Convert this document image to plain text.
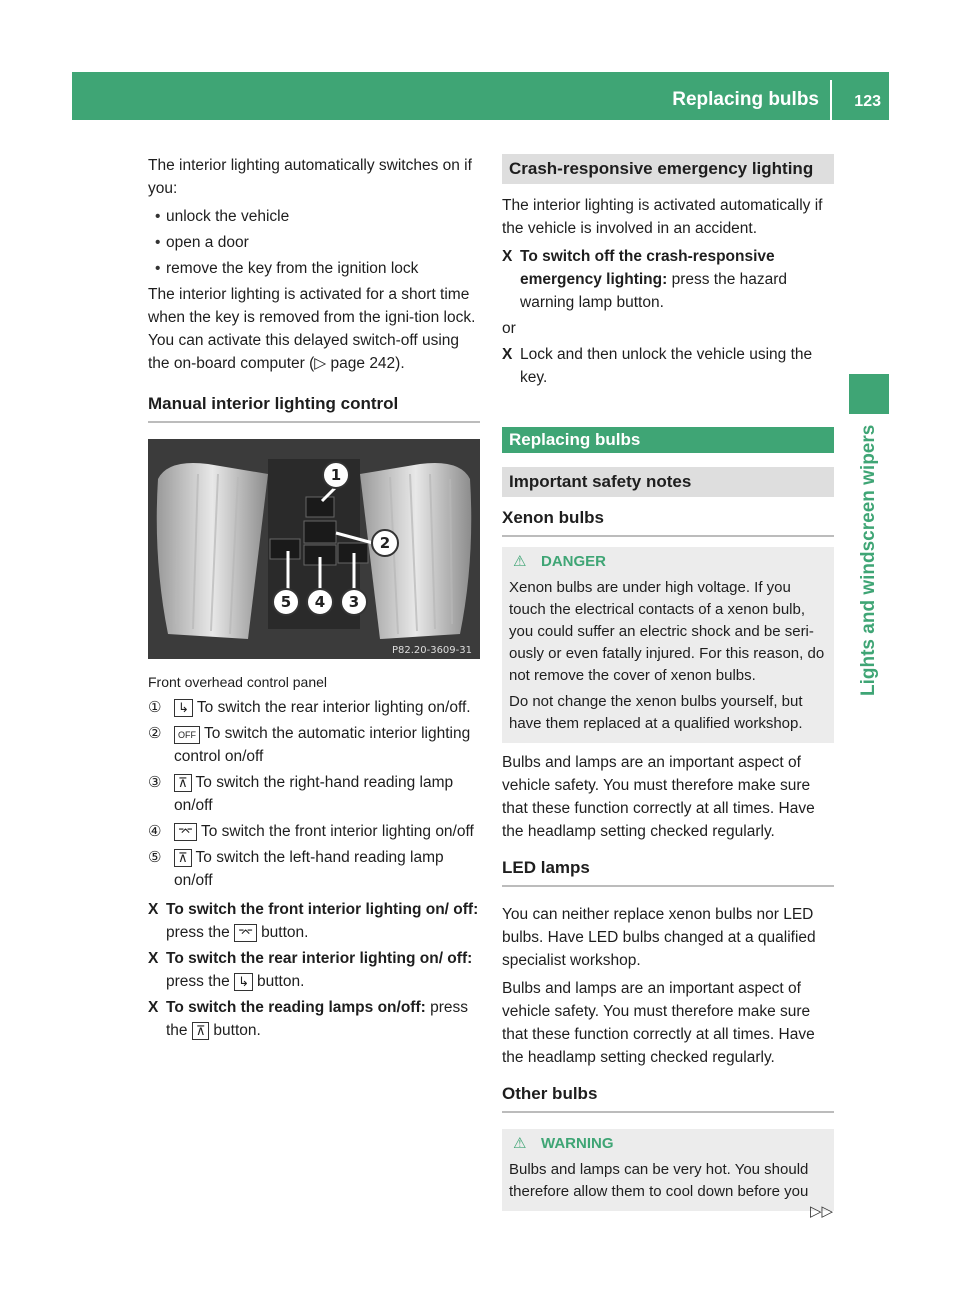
Replacing bulbs 123
Lights and windscreen wipers

The interior lighting automatically switches on if you:

• unlock the vehicle
• open a door
• remove the key from the ignition lock

The interior lighting is activated for a short time when the key is removed from the igni-tion lock. You can activate this delayed switch-off using the on-board computer (▷ page 242).

Manual interior lighting control
1
2
3
4
5
P82.20-3609-31
Front overhead control panel
① ↳ To switch the rear interior lighting on/off.
② OFF To switch the automatic interior lighting control on/off
③ ⊼ To switch the right-hand reading lamp on/off
④ ⌤ To switch the front interior lighting on/off
⑤ ⊼ To switch the left-hand reading lamp on/off
X To switch the front interior lighting on/ off: press the ⌤ button.
X To switch the rear interior lighting on/ off: press the ↳ button.
X To switch the reading lamps on/off: press the ⊼ button.
Crash-responsive emergency lighting

The interior lighting is activated automatically if the vehicle is involved in an accident.

X To switch off the crash-responsive emergency lighting: press the hazard warning lamp button.

or

X Lock and then unlock the vehicle using the key.
Replacing bulbs
Important safety notes
Xenon bulbs
⚠ DANGER

Xenon bulbs are under high voltage. If you touch the electrical contacts of a xenon bulb, you could suffer an electric shock and be seri-ously or even fatally injured. For this reason, do not remove the cover of xenon bulbs.

Do not change the xenon bulbs yourself, but have them replaced at a qualified workshop.

Bulbs and lamps are an important aspect of vehicle safety. You must therefore make sure that these function correctly at all times. Have the headlamp setting checked regularly.

LED lamps

You can neither replace xenon bulbs nor LED bulbs. Have LED bulbs changed at a qualified specialist workshop.

Bulbs and lamps are an important aspect of vehicle safety. You must therefore make sure that these function correctly at all times. Have the headlamp setting checked regularly.

Other bulbs
⚠ WARNING

Bulbs and lamps can be very hot. You should therefore allow them to cool down before you

▷▷
